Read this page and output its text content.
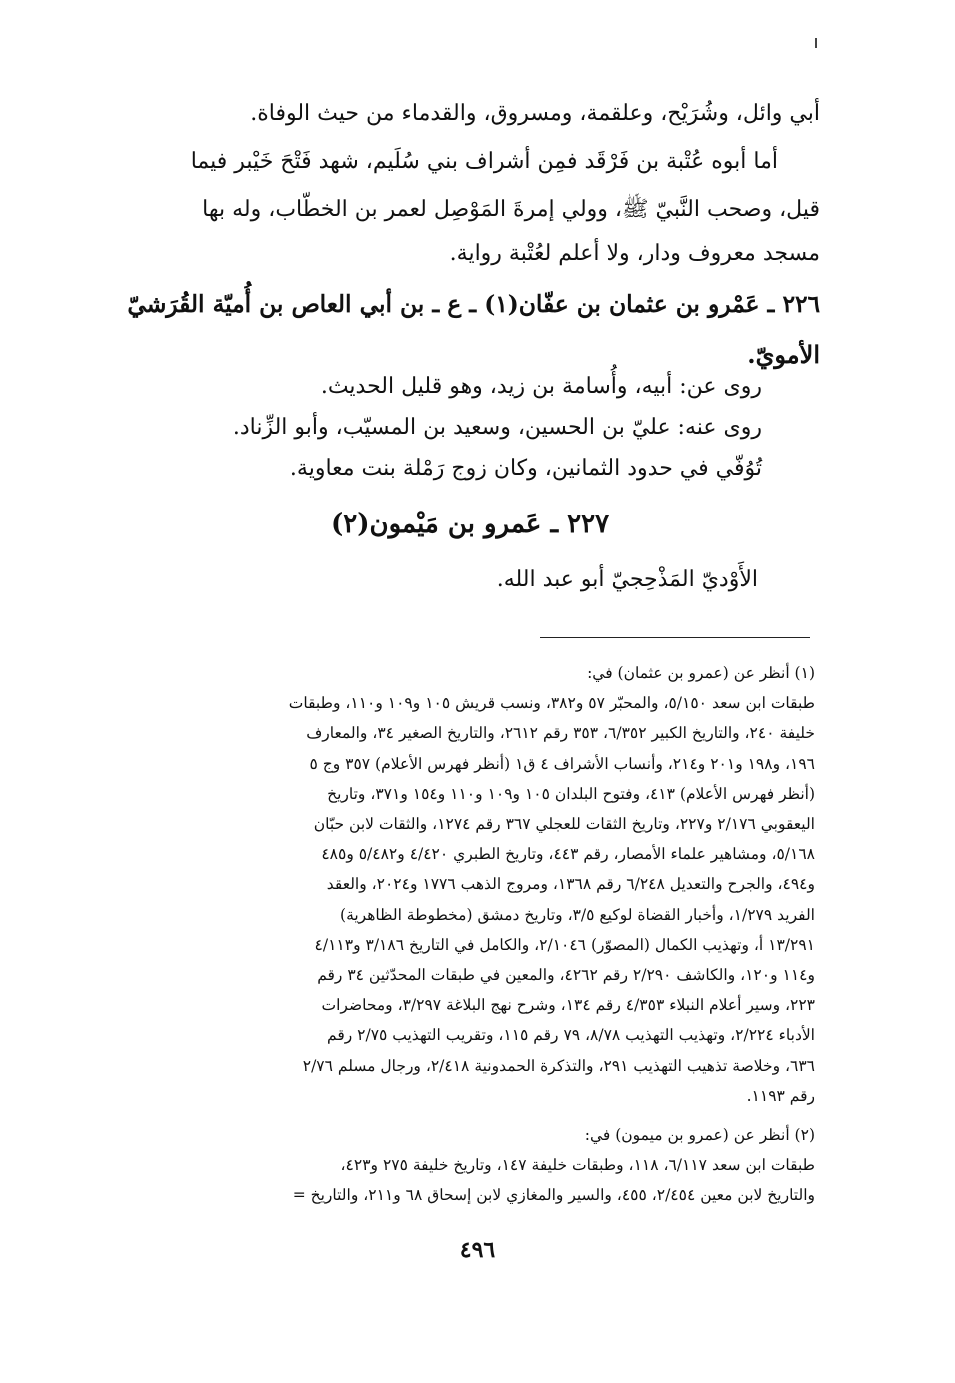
أبي وائل، وشُرَيْح، وعلقمة، ومسروق، والقدماء من حيث الوفاة.
أما أبوه عُتْبة بن فَرْقَد فمِن أشراف بني سُلَيم، شهد فَتْحَ خَيْبر فيما
قيل، وصحب النَّبيّ ﷺ، وولي إمرةَ المَوْصِل لعمر بن الخطّاب، وله بها
مسجد معروف ودار، ولا أعلم لعُتْبة رواية.
٢٢٦ ـ عَمْرو بن عثمان بن عفّان(١) ـ ع ـ بن أبي العاص بن أُميّة القُرَشيّ
الأمويّ.
روى عن: أبيه، وأُسامة بن زيد، وهو قليل الحديث.
روى عنه: عليّ بن الحسين، وسعيد بن المسيّب، وأبو الزِّناد.
تُوُفّي في حدود الثمانين، وكان زوج رَمْلة بنت معاوية.
٢٢٧ ـ عَمرو بن مَيْمون(٢)
الأَوْديّ المَذْحِجيّ أبو عبد الله.
(١) أنظر عن (عمرو بن عثمان) في:
طبقات ابن سعد ٥/١٥٠، والمحبّر ٥٧ و٣٨٢، ونسب قريش ١٠٥ و١٠٩ و١١٠، وطبقات
خليفة ٢٤٠، والتاريخ الكبير ٦/٣٥٢، ٣٥٣ رقم ٢٦١٢، والتاريخ الصغير ٣٤، والمعارف
١٩٦، و١٩٨ و٢٠١ و٢١٤، وأنساب الأشراف ٤ ق١ (أنظر فهرس الأعلام) ٣٥٧ وج ٥
(أنظر فهرس الأعلام) ٤١٣، وفتوح البلدان ١٠٥ و١٠٩ و١١٠ و١٥٤ و٣٧١، وتاريخ
اليعقوبي ٢/١٧٦ و٢٢٧، وتاريخ الثقات للعجلي ٣٦٧ رقم ١٢٧٤، والثقات لابن حبّان
٥/١٦٨، ومشاهير علماء الأمصار، رقم ٤٤٣، وتاريخ الطبري ٤/٤٢٠ و٥/٤٨٢ و٤٨٥
و٤٩٤، والجرح والتعديل ٦/٢٤٨ رقم ١٣٦٨، ومروج الذهب ١٧٧٦ و٢٠٢٤، والعقد
الفريد ١/٢٧٩، وأخبار القضاة لوكيع ٣/٥، وتاريخ دمشق (مخطوطة الظاهرية)
١٣/٢٩١ أ، وتهذيب الكمال (المصوّر) ٢/١٠٤٦، والكامل في التاريخ ٣/١٨٦ و٤/١١٣
و١١٤ و١٢٠، والكاشف ٢/٢٩٠ رقم ٤٢٦٢، والمعين في طبقات المحدّثين ٣٤ رقم
٢٢٣، وسير أعلام النبلاء ٤/٣٥٣ رقم ١٣٤، وشرح نهج البلاغة ٣/٢٩٧، ومحاضرات
الأدباء ٢/٢٢٤، وتهذيب التهذيب ٨/٧٨، ٧٩ رقم ١١٥، وتقريب التهذيب ٢/٧٥ رقم
٦٣٦، وخلاصة تذهيب التهذيب ٢٩١، والتذكرة الحمدونية ٢/٤١٨، ورجال مسلم ٢/٧٦
رقم ١١٩٣.
(٢) أنظر عن (عمرو بن ميمون) في:
طبقات ابن سعد ٦/١١٧، ١١٨، وطبقات خليفة ١٤٧، وتاريخ خليفة ٢٧٥ و٤٢٣،
والتاريخ لابن معين ٢/٤٥٤، ٤٥٥، والسير والمغازي لابن إسحاق ٦٨ و٢١١، والتاريخ =
٤٩٦
